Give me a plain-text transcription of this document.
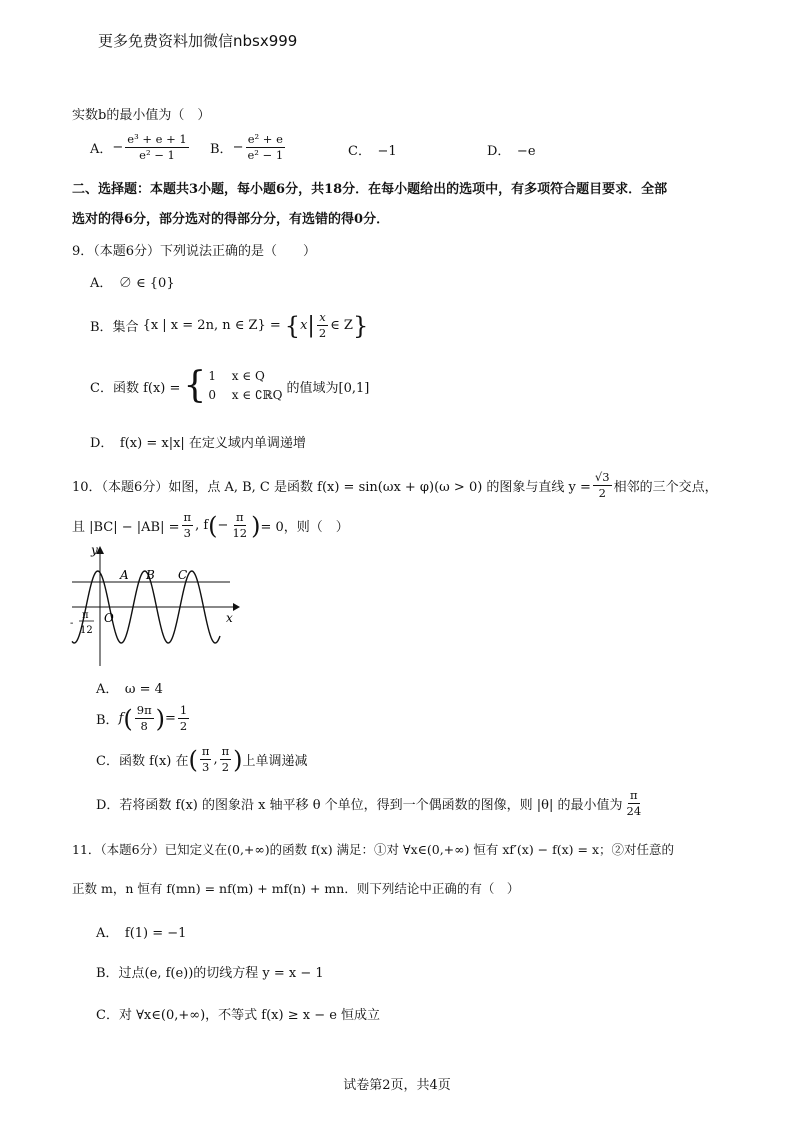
更多免费资料加微信nbsx999
实数b的最小值为（　）
A． − $\frac{\text{e³ + e + 1}}{\text{e² − 1}}$ B． − $\frac{\text{e² + e}}{\text{e² − 1}}$	C．　−1	D．　−e
二、选择题：本题共3小题，每小题6分，共18分．在每小题给出的选项中，有多项符合题目要求．全部
选对的得6分，部分选对的得部分分，有选错的得0分．
9．（本题6分）下列说法正确的是（　　）
A．　∅ ∈ {0}
B．集合 {x | x = 2n, n ∈ Z} = { x | $\frac{x}{2}$ ∈ Z }
C．函数 f(x) = { 1　 x ∈ Q
0　 x ∈ ∁ℝQ 的值域为[0,1]
D．　f(x) = x|x| 在定义域内单调递增
10．（本题6分）如图，点 A, B, C 是函数 f(x) = sin(ωx + φ)(ω > 0) 的图象与直线 $y = \frac{√3}{2}$ 相邻的三个交点，
且 $|BC| - |AB| = \frac{\pi}{3}$ , f ( − $\frac{\pi}{12}$ ) = 0，则（　）
y
x
O
A B C
π
-
12
A．　ω = 4
B． f ( $\frac{9\pi}{8}$ ) = $\frac{1}{2}$
C．函数 f(x) 在 ( $\frac{\pi}{3}$ , $\frac{\pi}{2}$ ) 上单调递减
D．若将函数 f(x) 的图象沿 x 轴平移 θ 个单位，得到一个偶函数的图像，则 |θ| 的最小值为 $\frac{\pi}{24}$
11．（本题6分）已知定义在(0,+∞)的函数 f(x) 满足：①对 ∀x∈(0,+∞) 恒有 xf′(x) − f(x) = x；②对任意的
正数 m，n 恒有 f(mn) = nf(m) + mf(n) + mn．则下列结论中正确的有（　）
A．　f(1) = −1
B．过点(e, f(e))的切线方程 y = x − 1
C．对 ∀x∈(0,+∞)，不等式 f(x) ≥ x − e 恒成立
试卷第2页，共4页
